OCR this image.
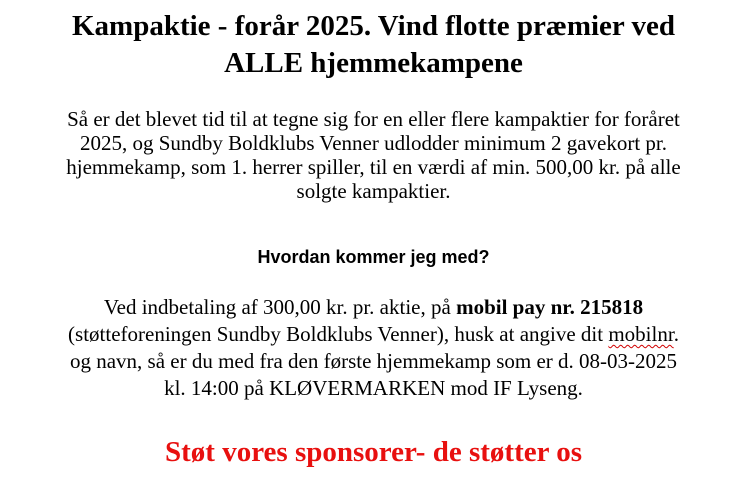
Kampaktie - forår 2025. Vind flotte præmier ved
ALLE hjemmekampene

Så er det blevet tid til at tegne sig for en eller flere kampaktier for foråret
2025, og Sundby Boldklubs Venner udlodder minimum 2 gavekort pr.
hjemmekamp, som 1. herrer spiller, til en værdi af min. 500,00 kr. på alle
solgte kampaktier.

Hvordan kommer jeg med?

Ved indbetaling af 300,00 kr. pr. aktie, på mobil pay nr. 215818
(støtteforeningen Sundby Boldklubs Venner), husk at angive dit mobilnr.
og navn, så er du med fra den første hjemmekamp som er d. 08-03-2025
kl. 14:00 på KLØVERMARKEN mod IF Lyseng.

Støt vores sponsorer- de støtter os
